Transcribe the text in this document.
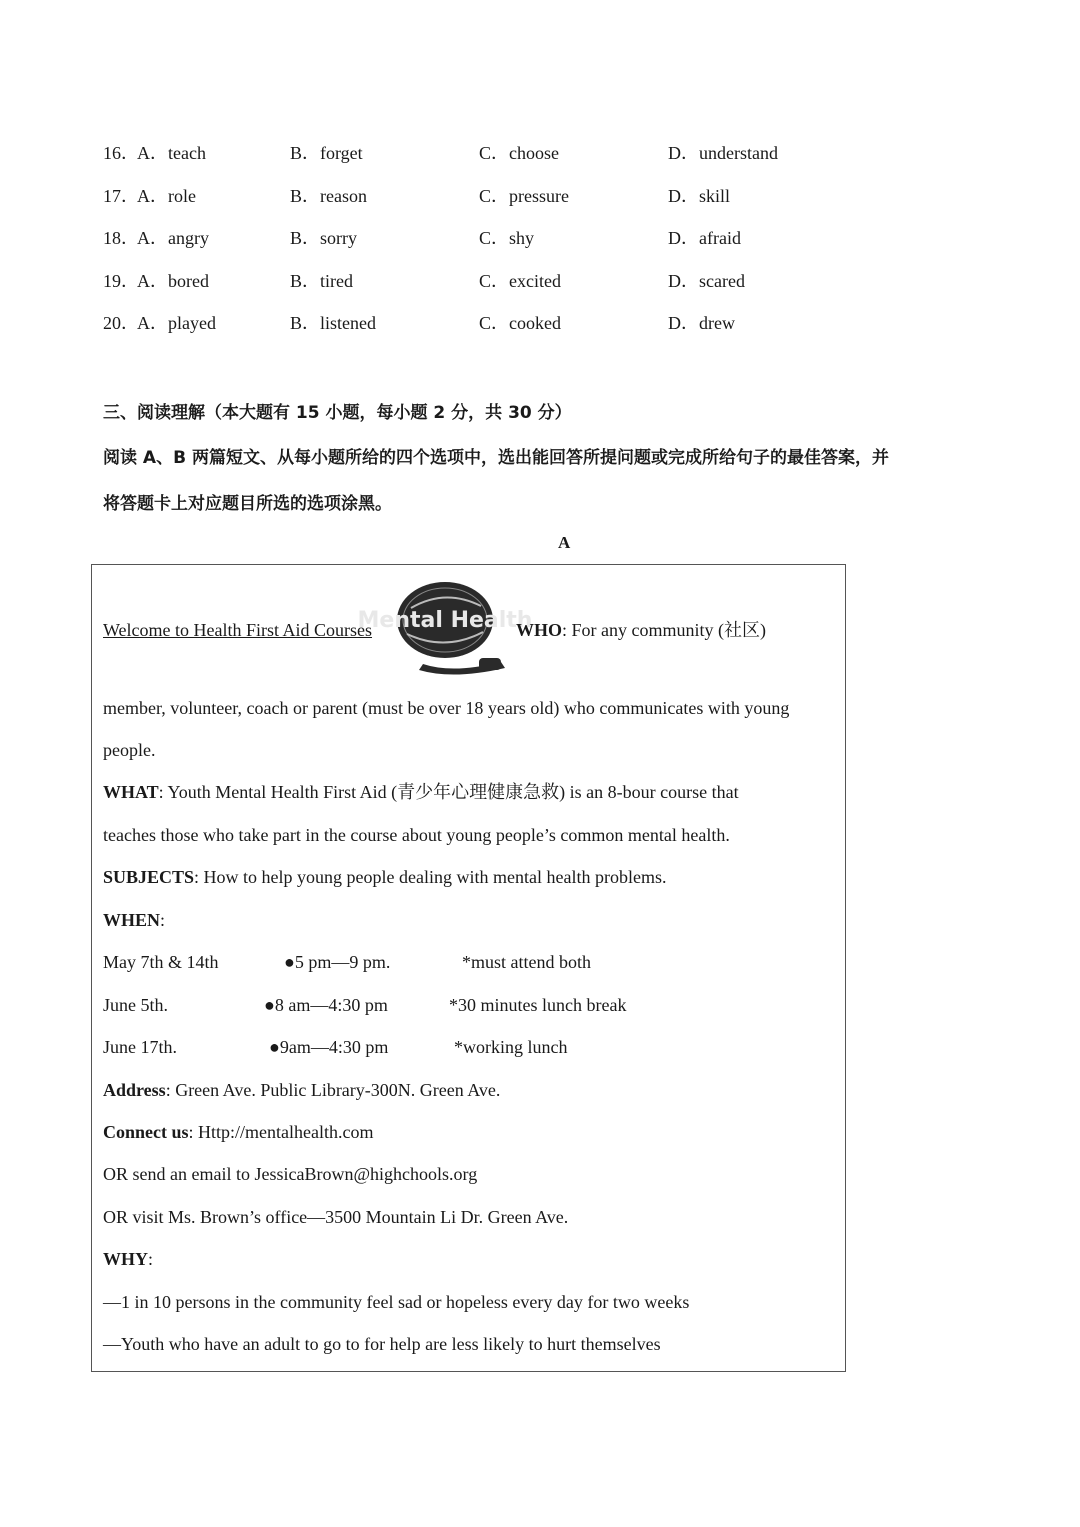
16．
A．teach	B．forget	C．choose	D．understand
17．
A．role	B．reason	C．pressure	D．skill
18．
A．angry	B．sorry	C．shy	D．afraid
19．
A．bored	B．tired	C．excited	D．scared
20．
A．played	B．listened	C．cooked	D．drew
三、阅读理解（本大题有 15 小题，每小题 2 分，共 30 分）
阅读 A、B 两篇短文、从每小题所给的四个选项中，选出能回答所提问题或完成所给句子的最佳答案，并
将答题卡上对应题目所选的选项涂黑。
A
Welcome to Health First Aid Courses
Mental Health
WHO: For any community (社区)
member, volunteer, coach or parent (must be over 18 years old) who communicates with young
people.
WHAT: Youth Mental Health First Aid (青少年心理健康急救) is an 8-bour course that
teaches those who take part in the course about young people’s common mental health.
SUBJECTS: How to help young people dealing with mental health problems.
WHEN:
May 7th & 14th	●5 pm—9 pm.	*must attend both
June 5th.	●8 am—4:30 pm	*30 minutes lunch break
June 17th.	●9am—4:30 pm	*working lunch
Address: Green Ave. Public Library-300N. Green Ave.
Connect us: Http://mentalhealth.com
OR send an email to JessicaBrown@highchools.org
OR visit Ms. Brown’s office—3500 Mountain Li Dr. Green Ave.
WHY:
—1 in 10 persons in the community feel sad or hopeless every day for two weeks
—Youth who have an adult to go to for help are less likely to hurt themselves
